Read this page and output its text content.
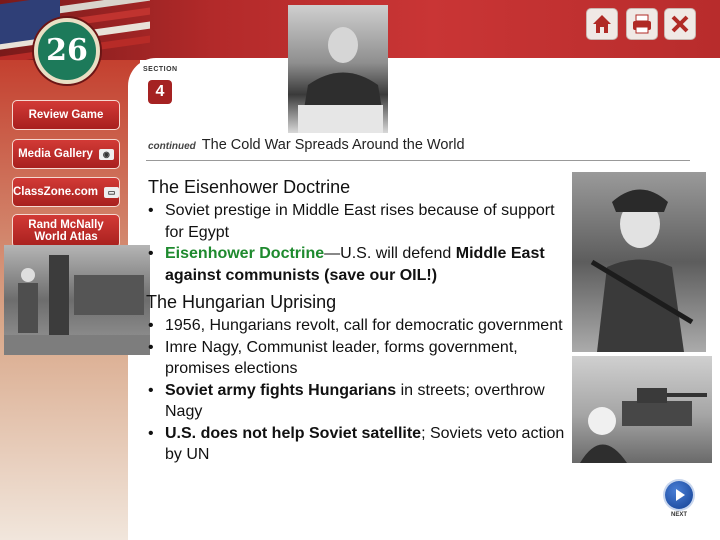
26
Review Game
Media Gallery	◉
ClassZone.com	▭
Rand McNally World Atlas
SECTION
4
continued The Cold War Spreads Around the World
The Eisenhower Doctrine
• Soviet prestige in Middle East rises because of support for Egypt
• Eisenhower Doctrine—U.S. will defend Middle East against communists (save our OIL!)
The Hungarian Uprising
• 1956, Hungarians revolt, call for democratic government
• Imre Nagy, Communist leader, forms government, promises elections
• Soviet army fights Hungarians in streets; overthrow Nagy
• U.S. does not help Soviet satellite; Soviets veto action by UN
NEXT
